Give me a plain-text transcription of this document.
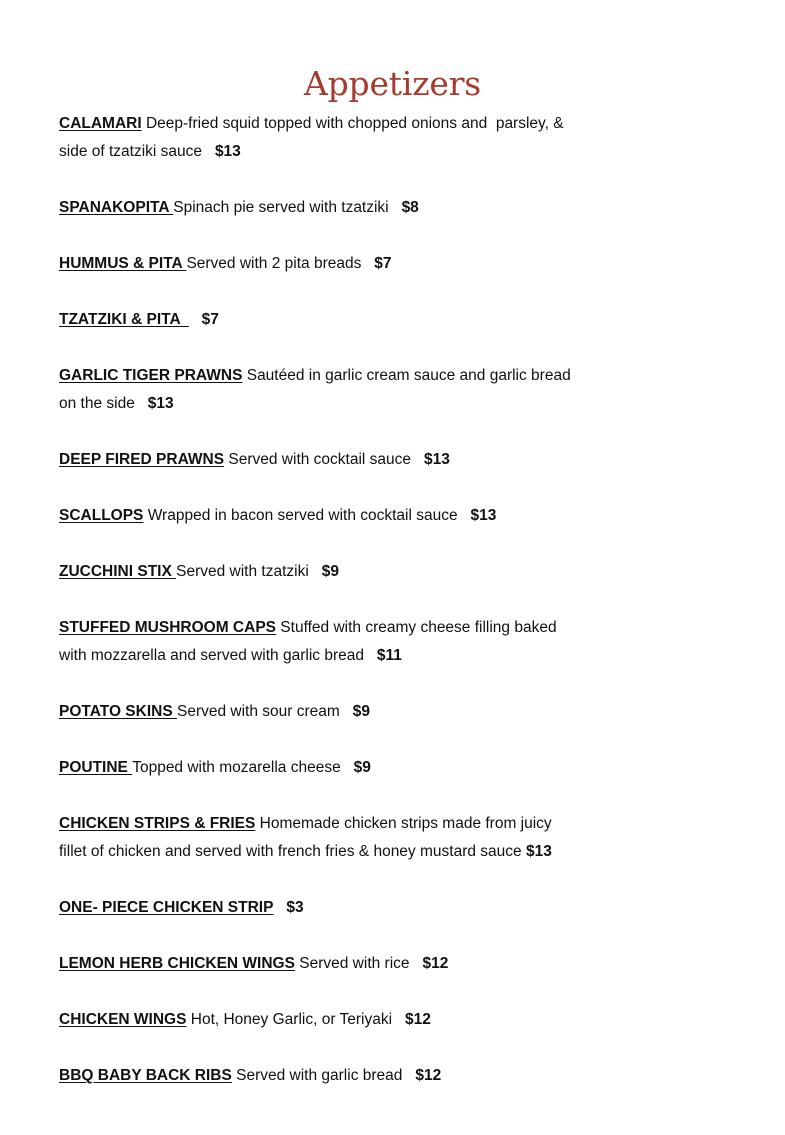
Appetizers

CALAMARI Deep-fried squid topped with chopped onions and  parsley, & side of tzatziki sauce   $13

SPANAKOPITA Spinach pie served with tzatziki   $8

HUMMUS & PITA Served with 2 pita breads   $7

TZATZIKI & PITA     $7

GARLIC TIGER PRAWNS Sautéed in garlic cream sauce and garlic bread on the side   $13

DEEP FIRED PRAWNS Served with cocktail sauce   $13

SCALLOPS Wrapped in bacon served with cocktail sauce   $13

ZUCCHINI STIX Served with tzatziki   $9

STUFFED MUSHROOM CAPS Stuffed with creamy cheese filling baked with mozzarella and served with garlic bread   $11

POTATO SKINS Served with sour cream   $9

POUTINE Topped with mozarella cheese   $9

CHICKEN STRIPS & FRIES Homemade chicken strips made from juicy fillet of chicken and served with french fries & honey mustard sauce $13

ONE- PIECE CHICKEN STRIP $3

LEMON HERB CHICKEN WINGS Served with rice   $12

CHICKEN WINGS Hot, Honey Garlic, or Teriyaki   $12

BBQ BABY BACK RIBS Served with garlic bread   $12
